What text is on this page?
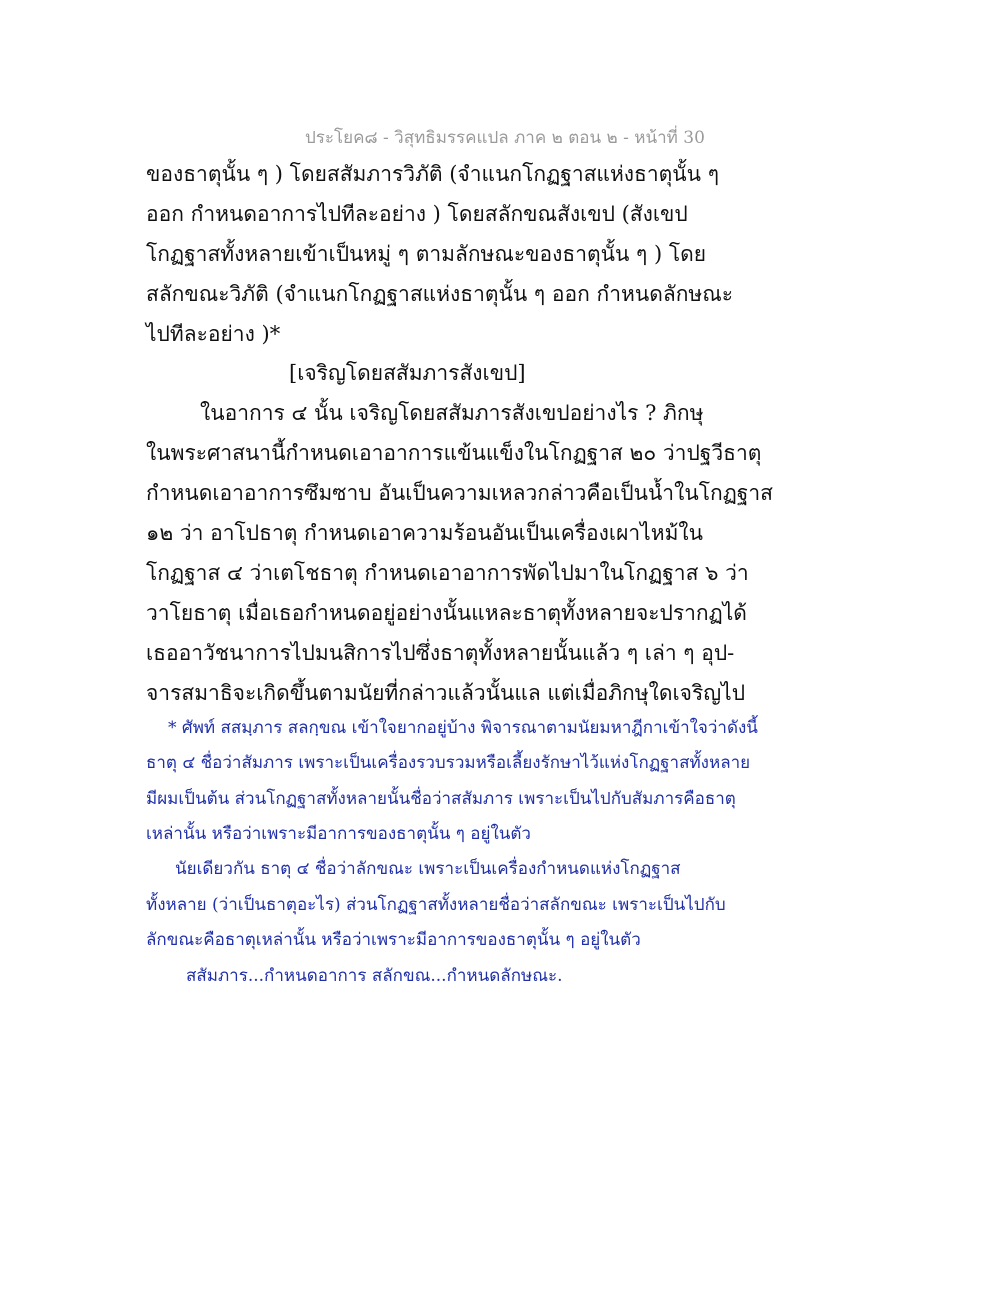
ประโยค๘ - วิสุทธิมรรคแปล ภาค ๒ ตอน ๒ - หน้าที่ 30
ของธาตุนั้น ๆ ) โดยสสัมภารวิภัติ (จำแนกโกฏฐาสแห่งธาตุนั้น ๆ
ออก กำหนดอาการไปทีละอย่าง ) โดยสลักขณสังเขป (สังเขป
โกฏฐาสทั้งหลายเข้าเป็นหมู่ ๆ ตามลักษณะของธาตุนั้น ๆ ) โดย
สลักขณะวิภัติ (จำแนกโกฏฐาสแห่งธาตุนั้น ๆ ออก กำหนดลักษณะ
ไปทีละอย่าง )*
[เจริญโดยสสัมภารสังเขป]
ในอาการ ๔ นั้น เจริญโดยสสัมภารสังเขปอย่างไร ? ภิกษุ
ในพระศาสนานี้กำหนดเอาอาการแข้นแข็งในโกฏฐาส ๒๐ ว่าปฐวีธาตุ
กำหนดเอาอาการซึมซาบ อันเป็นความเหลวกล่าวคือเป็นน้ำในโกฏฐาส
๑๒ ว่า อาโปธาตุ กำหนดเอาความร้อนอันเป็นเครื่องเผาไหม้ใน
โกฏฐาส ๔ ว่าเตโชธาตุ กำหนดเอาอาการพัดไปมาในโกฏฐาส ๖ ว่า
วาโยธาตุ เมื่อเธอกำหนดอยู่อย่างนั้นแหละธาตุทั้งหลายจะปรากฏได้
เธออาวัชนาการไปมนสิการไปซึ่งธาตุทั้งหลายนั้นแล้ว ๆ เล่า ๆ อุป-
จารสมาธิจะเกิดขึ้นตามนัยที่กล่าวแล้วนั้นแล แต่เมื่อภิกษุใดเจริญไป
* ศัพท์ สสมฺภาร สลกฺขณ เข้าใจยากอยู่บ้าง พิจารณาตามนัยมหาฎีกาเข้าใจว่าดังนี้
ธาตุ ๔ ชื่อว่าสัมภาร เพราะเป็นเครื่องรวบรวมหรือเลี้ยงรักษาไว้แห่งโกฏฐาสทั้งหลาย
มีผมเป็นต้น ส่วนโกฏฐาสทั้งหลายนั้นชื่อว่าสสัมภาร เพราะเป็นไปกับสัมภารคือธาตุ
เหล่านั้น หรือว่าเพราะมีอาการของธาตุนั้น ๆ อยู่ในตัว
นัยเดียวกัน ธาตุ ๔ ชื่อว่าลักขณะ เพราะเป็นเครื่องกำหนดแห่งโกฏฐาส
ทั้งหลาย (ว่าเป็นธาตุอะไร) ส่วนโกฏฐาสทั้งหลายชื่อว่าสลักขณะ เพราะเป็นไปกับ
ลักขณะคือธาตุเหล่านั้น หรือว่าเพราะมีอาการของธาตุนั้น ๆ อยู่ในตัว
สสัมภาร...กำหนดอาการ สลักขณ...กำหนดลักษณะ.
